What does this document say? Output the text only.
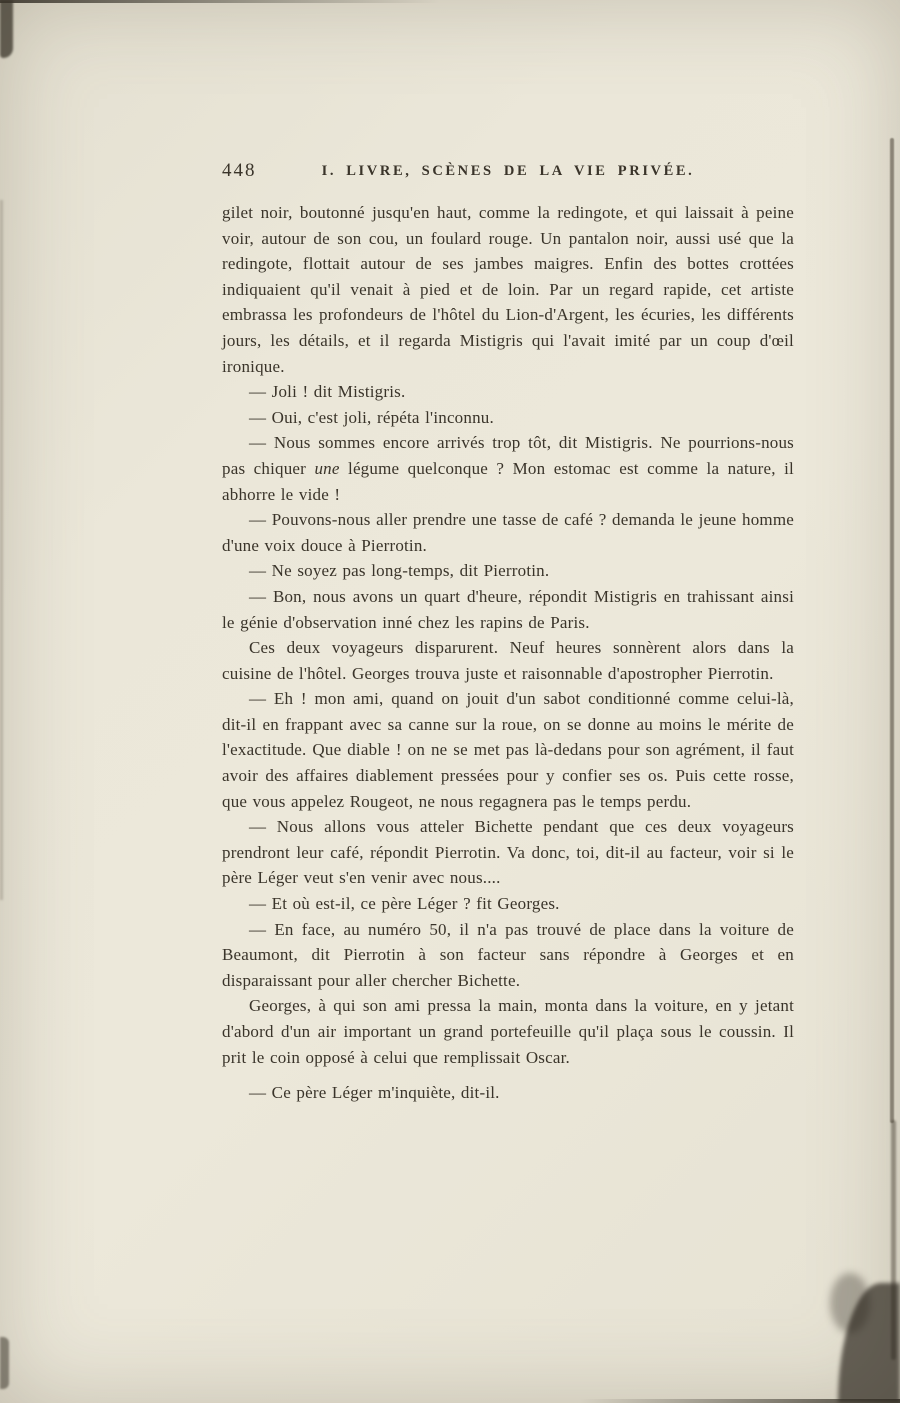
448	I. LIVRE, SCÈNES DE LA VIE PRIVÉE.

gilet noir, boutonné jusqu'en haut, comme la redingote, et qui laissait à peine voir, autour de son cou, un foulard rouge. Un pantalon noir, aussi usé que la redingote, flottait autour de ses jambes maigres. Enfin des bottes crottées indiquaient qu'il venait à pied et de loin. Par un regard rapide, cet artiste embrassa les profondeurs de l'hôtel du Lion-d'Argent, les écuries, les différents jours, les détails, et il regarda Mistigris qui l'avait imité par un coup d'œil ironique.

— Joli ! dit Mistigris.

— Oui, c'est joli, répéta l'inconnu.

— Nous sommes encore arrivés trop tôt, dit Mistigris. Ne pourrions-nous pas chiquer une légume quelconque ? Mon estomac est comme la nature, il abhorre le vide !

— Pouvons-nous aller prendre une tasse de café ? demanda le jeune homme d'une voix douce à Pierrotin.

— Ne soyez pas long-temps, dit Pierrotin.

— Bon, nous avons un quart d'heure, répondit Mistigris en trahissant ainsi le génie d'observation inné chez les rapins de Paris.

Ces deux voyageurs disparurent. Neuf heures sonnèrent alors dans la cuisine de l'hôtel. Georges trouva juste et raisonnable d'apostropher Pierrotin.

— Eh ! mon ami, quand on jouit d'un sabot conditionné comme celui-là, dit-il en frappant avec sa canne sur la roue, on se donne au moins le mérite de l'exactitude. Que diable ! on ne se met pas là-dedans pour son agrément, il faut avoir des affaires diablement pressées pour y confier ses os. Puis cette rosse, que vous appelez Rougeot, ne nous regagnera pas le temps perdu.

— Nous allons vous atteler Bichette pendant que ces deux voyageurs prendront leur café, répondit Pierrotin. Va donc, toi, dit-il au facteur, voir si le père Léger veut s'en venir avec nous....

— Et où est-il, ce père Léger ? fit Georges.

— En face, au numéro 50, il n'a pas trouvé de place dans la voiture de Beaumont, dit Pierrotin à son facteur sans répondre à Georges et en disparaissant pour aller chercher Bichette.

Georges, à qui son ami pressa la main, monta dans la voiture, en y jetant d'abord d'un air important un grand portefeuille qu'il plaça sous le coussin. Il prit le coin opposé à celui que remplissait Oscar.

— Ce père Léger m'inquiète, dit-il.
